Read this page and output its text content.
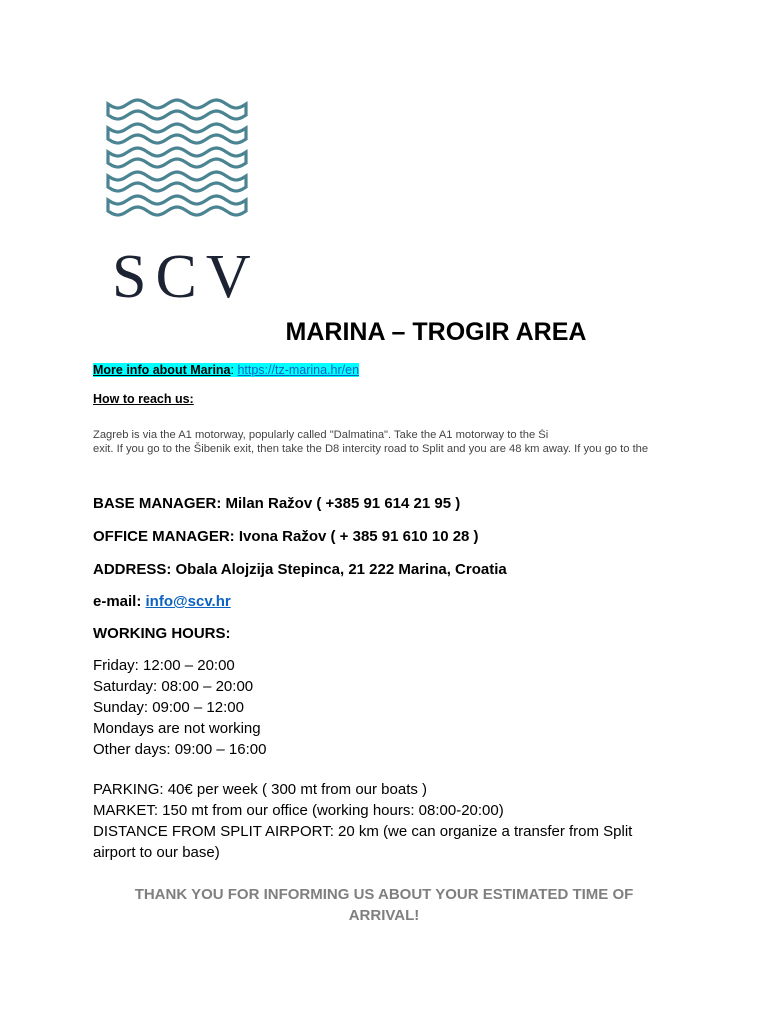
SCV
MARINA – TROGIR AREA
More info about Marina: https://tz-marina.hr/en
How to reach us:
Zagreb is via the A1 motorway, popularly called "Dalmatina". Take the A1 motorway to the Ši
exit. If you go to the Šibenik exit, then take the D8 intercity road to Split and you are 48 km away. If you go to the
BASE MANAGER: Milan Ražov ( +385 91 614 21 95 )
OFFICE MANAGER: Ivona Ražov ( + 385 91 610 10 28 )
ADDRESS: Obala Alojzija Stepinca, 21 222 Marina, Croatia
e-mail: info@scv.hr
WORKING HOURS:
Friday: 12:00 – 20:00
Saturday: 08:00 – 20:00
Sunday: 09:00 – 12:00
Mondays are not working
Other days: 09:00 – 16:00
PARKING: 40€ per week ( 300 mt from our boats )
MARKET: 150 mt from our office (working hours: 08:00-20:00)
DISTANCE FROM SPLIT AIRPORT: 20 km (we can organize a transfer from Split airport to our base)
THANK YOU FOR INFORMING US ABOUT YOUR ESTIMATED TIME OF ARRIVAL!
